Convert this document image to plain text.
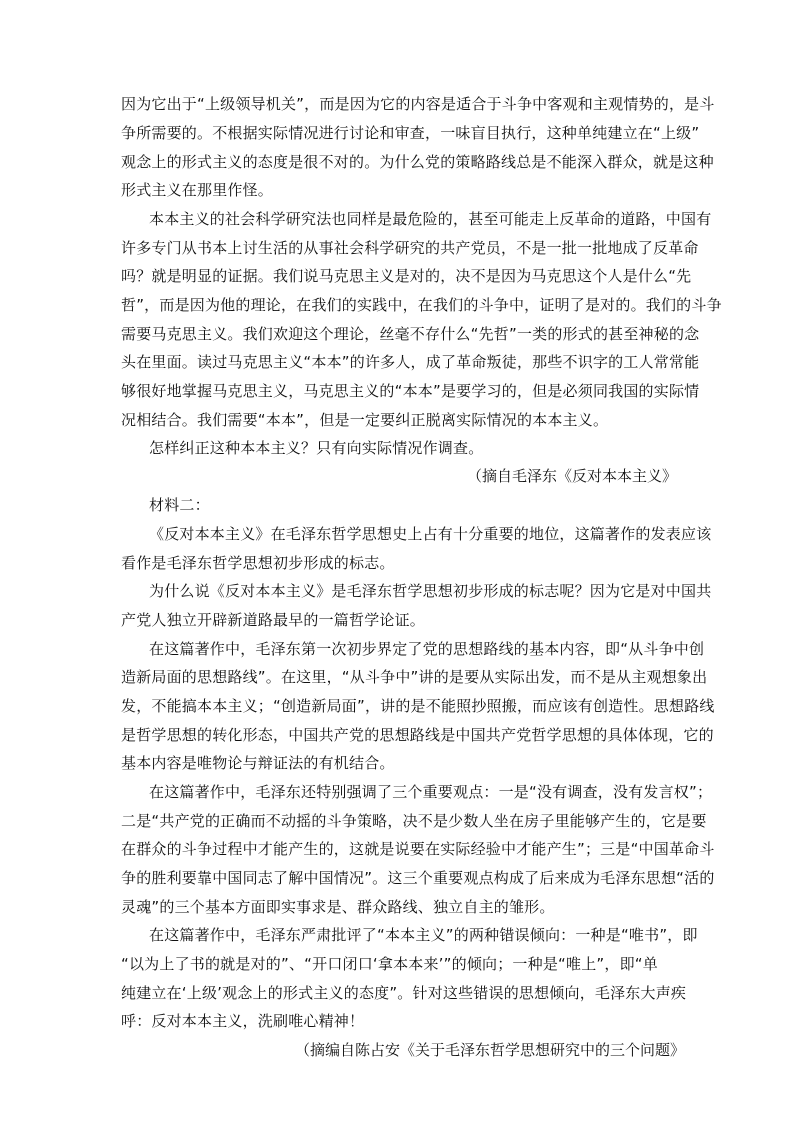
因为它出于“上级领导机关”，而是因为它的内容是适合于斗争中客观和主观情势的，是斗
争所需要的。不根据实际情况进行讨论和审查，一味盲目执行，这种单纯建立在“上级”
观念上的形式主义的态度是很不对的。为什么党的策略路线总是不能深入群众，就是这种
形式主义在那里作怪。
本本主义的社会科学研究法也同样是最危险的，甚至可能走上反革命的道路，中国有
许多专门从书本上讨生活的从事社会科学研究的共产党员，不是一批一批地成了反革命
吗？就是明显的证据。我们说马克思主义是对的，决不是因为马克思这个人是什么“先
哲”，而是因为他的理论，在我们的实践中，在我们的斗争中，证明了是对的。我们的斗争
需要马克思主义。我们欢迎这个理论，丝毫不存什么“先哲”一类的形式的甚至神秘的念
头在里面。读过马克思主义“本本”的许多人，成了革命叛徒，那些不识字的工人常常能
够很好地掌握马克思主义，马克思主义的“本本”是要学习的，但是必须同我国的实际情
况相结合。我们需要“本本”，但是一定要纠正脱离实际情况的本本主义。
怎样纠正这种本本主义？只有向实际情况作调查。
（摘自毛泽东《反对本本主义》
材料二：
《反对本本主义》在毛泽东哲学思想史上占有十分重要的地位，这篇著作的发表应该
看作是毛泽东哲学思想初步形成的标志。
为什么说《反对本本主义》是毛泽东哲学思想初步形成的标志呢？因为它是对中国共
产党人独立开辟新道路最早的一篇哲学论证。
在这篇著作中，毛泽东第一次初步界定了党的思想路线的基本内容，即“从斗争中创
造新局面的思想路线”。在这里，“从斗争中”讲的是要从实际出发，而不是从主观想象出
发，不能搞本本主义；“创造新局面”，讲的是不能照抄照搬，而应该有创造性。思想路线
是哲学思想的转化形态，中国共产党的思想路线是中国共产党哲学思想的具体体现，它的
基本内容是唯物论与辩证法的有机结合。
在这篇著作中，毛泽东还特别强调了三个重要观点：一是“没有调查，没有发言权”；
二是“共产党的正确而不动摇的斗争策略，决不是少数人坐在房子里能够产生的，它是要
在群众的斗争过程中才能产生的，这就是说要在实际经验中才能产生”；三是“中国革命斗
争的胜利要靠中国同志了解中国情况”。这三个重要观点构成了后来成为毛泽东思想“活的
灵魂”的三个基本方面即实事求是、群众路线、独立自主的雏形。
在这篇著作中，毛泽东严肃批评了“本本主义”的两种错误倾向：一种是“唯书”，即
“以为上了书的就是对的”、“开口闭口‘拿本本来’”的倾向；一种是“唯上”，即“单
纯建立在‘上级’观念上的形式主义的态度”。针对这些错误的思想倾向，毛泽东大声疾
呼：反对本本主义，洗刷唯心精神！
（摘编自陈占安《关于毛泽东哲学思想研究中的三个问题》
